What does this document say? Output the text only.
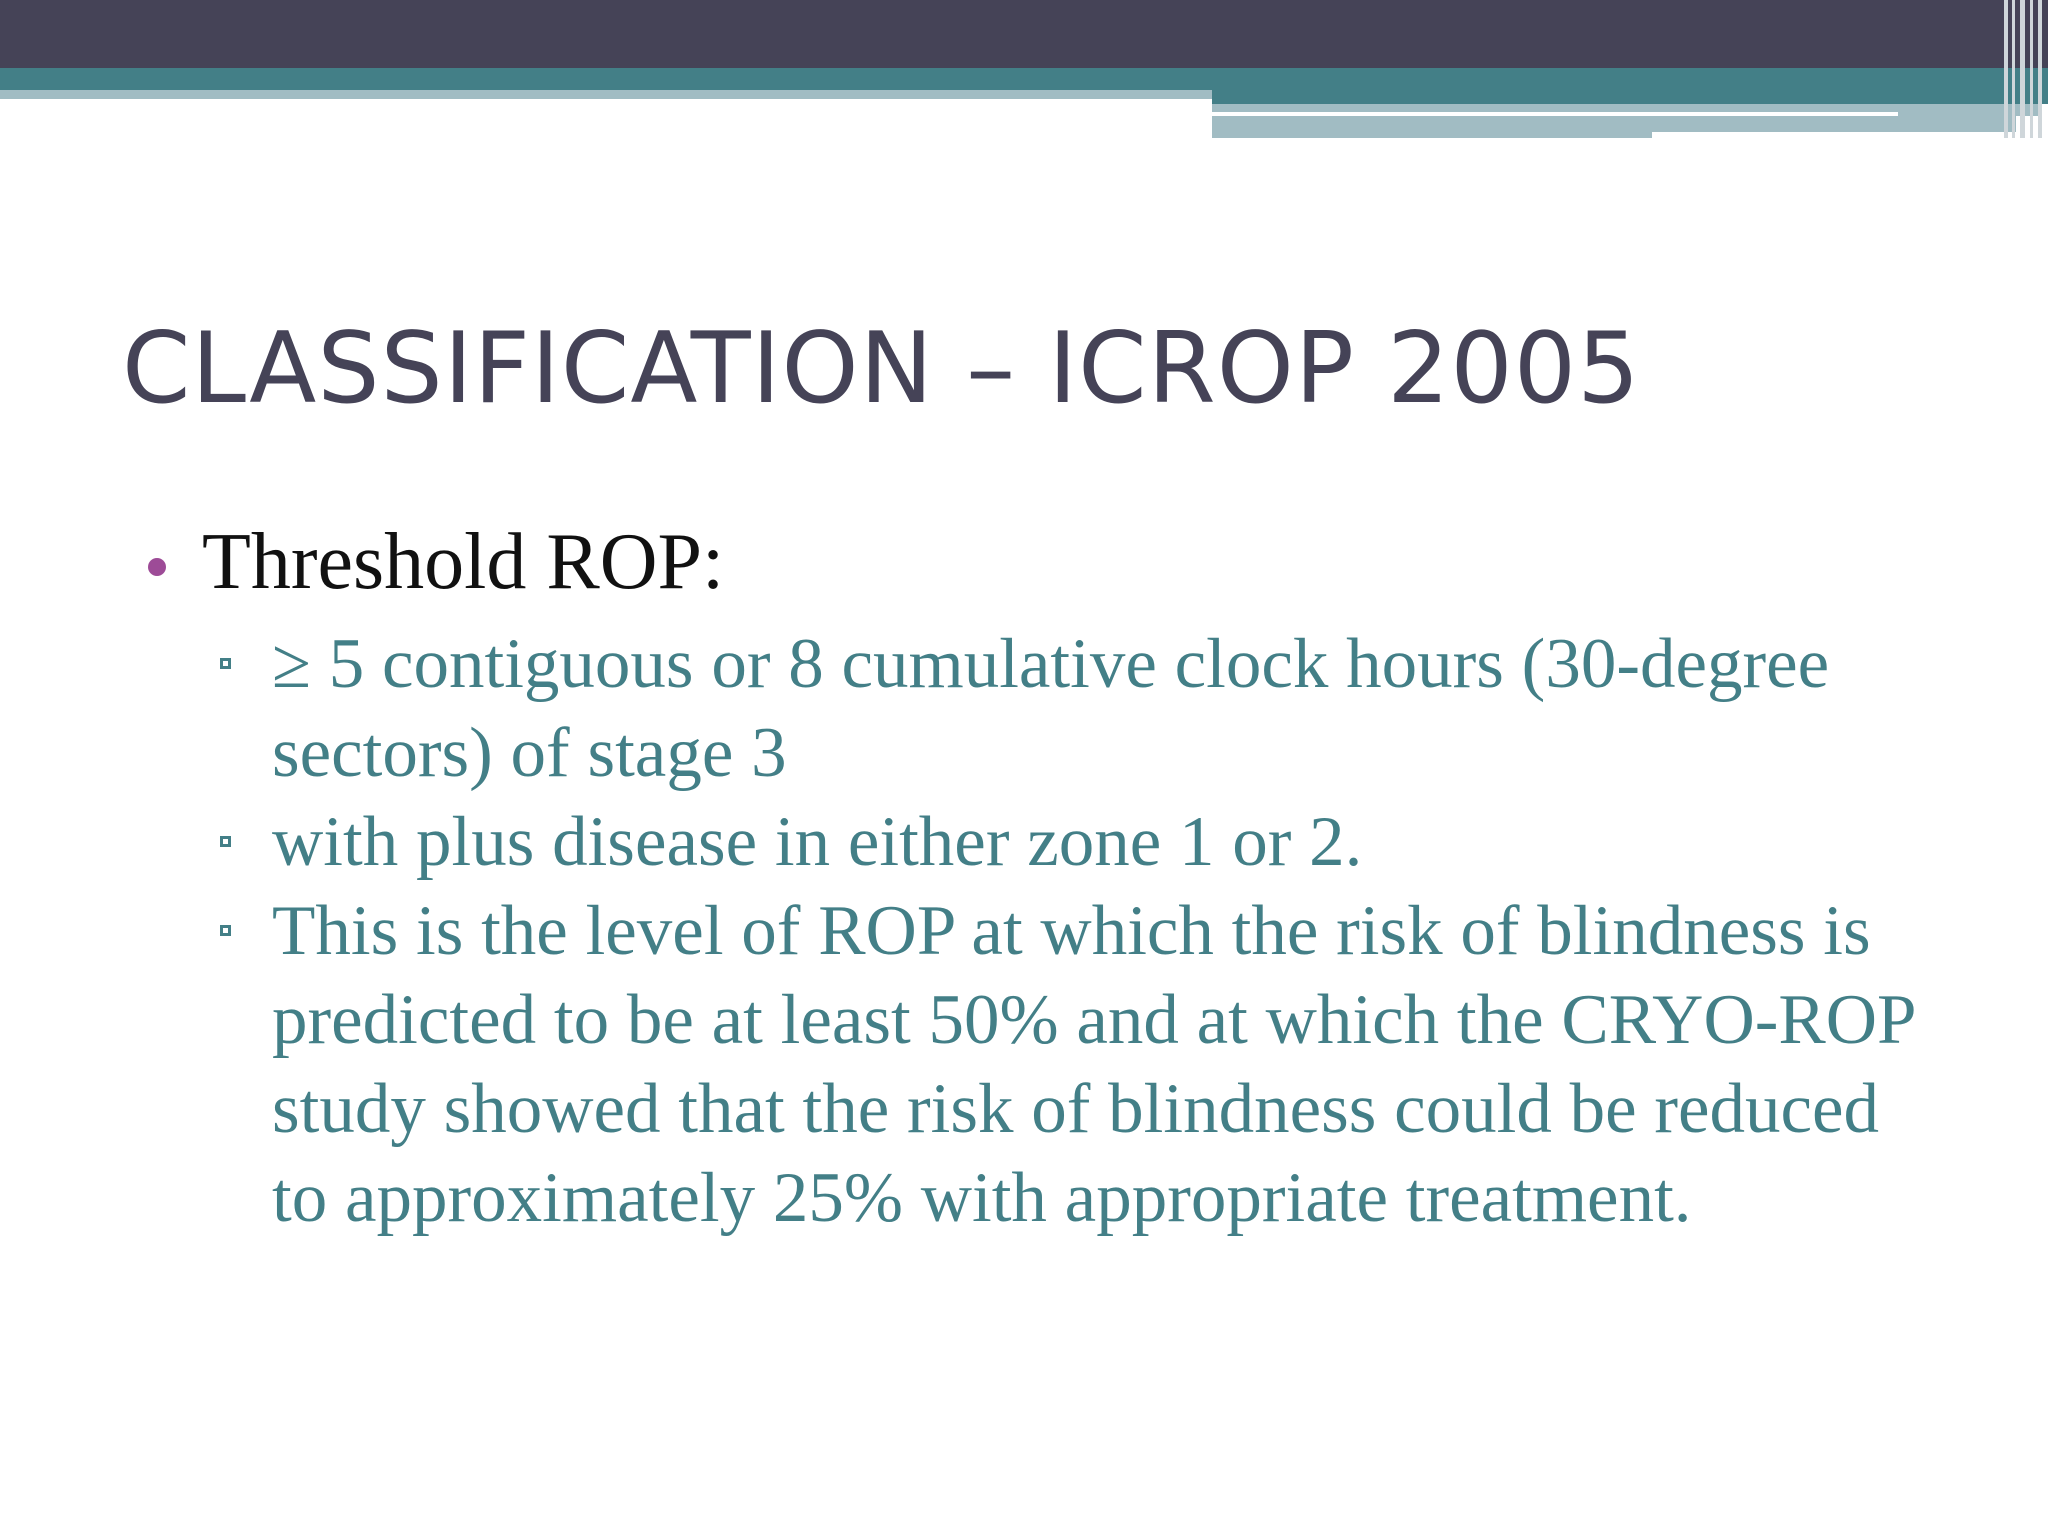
CLASSIFICATION – ICROP 2005
Threshold ROP:
≥ 5 contiguous or 8 cumulative clock hours (30-degree sectors) of stage 3
with plus disease in either zone 1 or 2.
This is the level of ROP at which the risk of blindness is predicted to be at least 50% and at which the CRYO-ROP study showed that the risk of blindness could be reduced to approximately 25% with appropriate treatment.
